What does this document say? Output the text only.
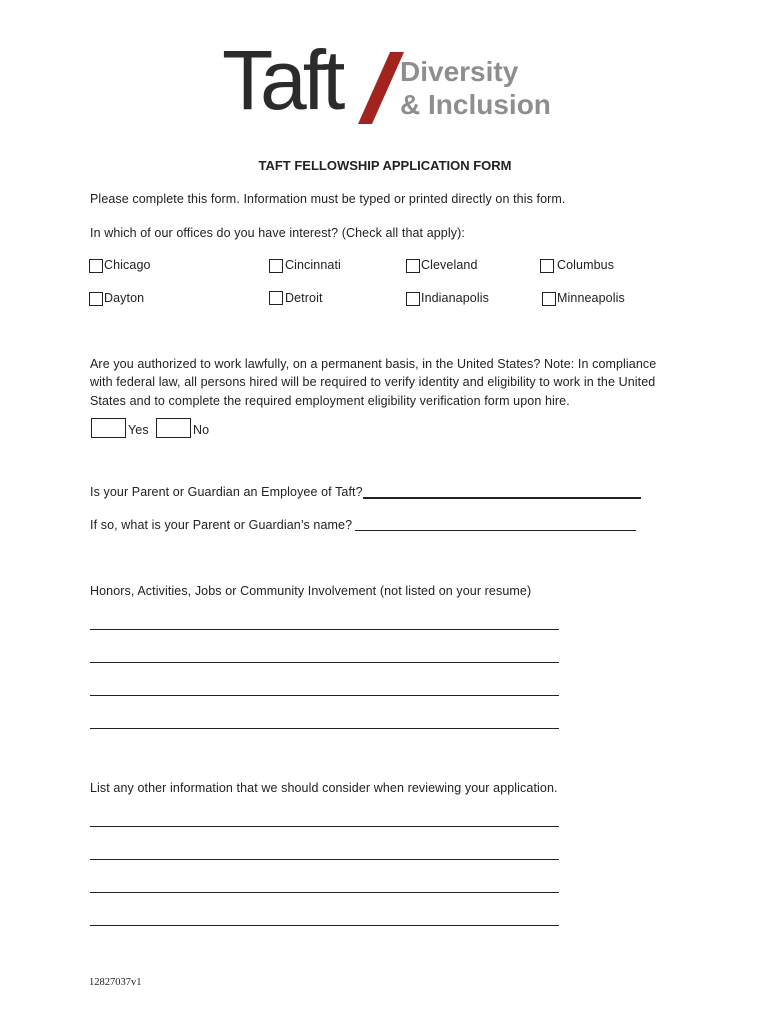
Taft Diversity
& Inclusion
TAFT FELLOWSHIP APPLICATION FORM
Please complete this form. Information must be typed or printed directly on this form.
In which of our offices do you have interest? (Check all that apply):
Chicago	Cincinnati	Cleveland	Columbus
Dayton	Detroit	Indianapolis	Minneapolis
Are you authorized to work lawfully, on a permanent basis, in the United States? Note: In compliance
with federal law, all persons hired will be required to verify identity and eligibility to work in the United
States and to complete the required employment eligibility verification form upon hire.
Yes	No
Is your Parent or Guardian an Employee of Taft?
If so, what is your Parent or Guardian’s name?
Honors, Activities, Jobs or Community Involvement (not listed on your resume)
List any other information that we should consider when reviewing your application.
12827037v1
